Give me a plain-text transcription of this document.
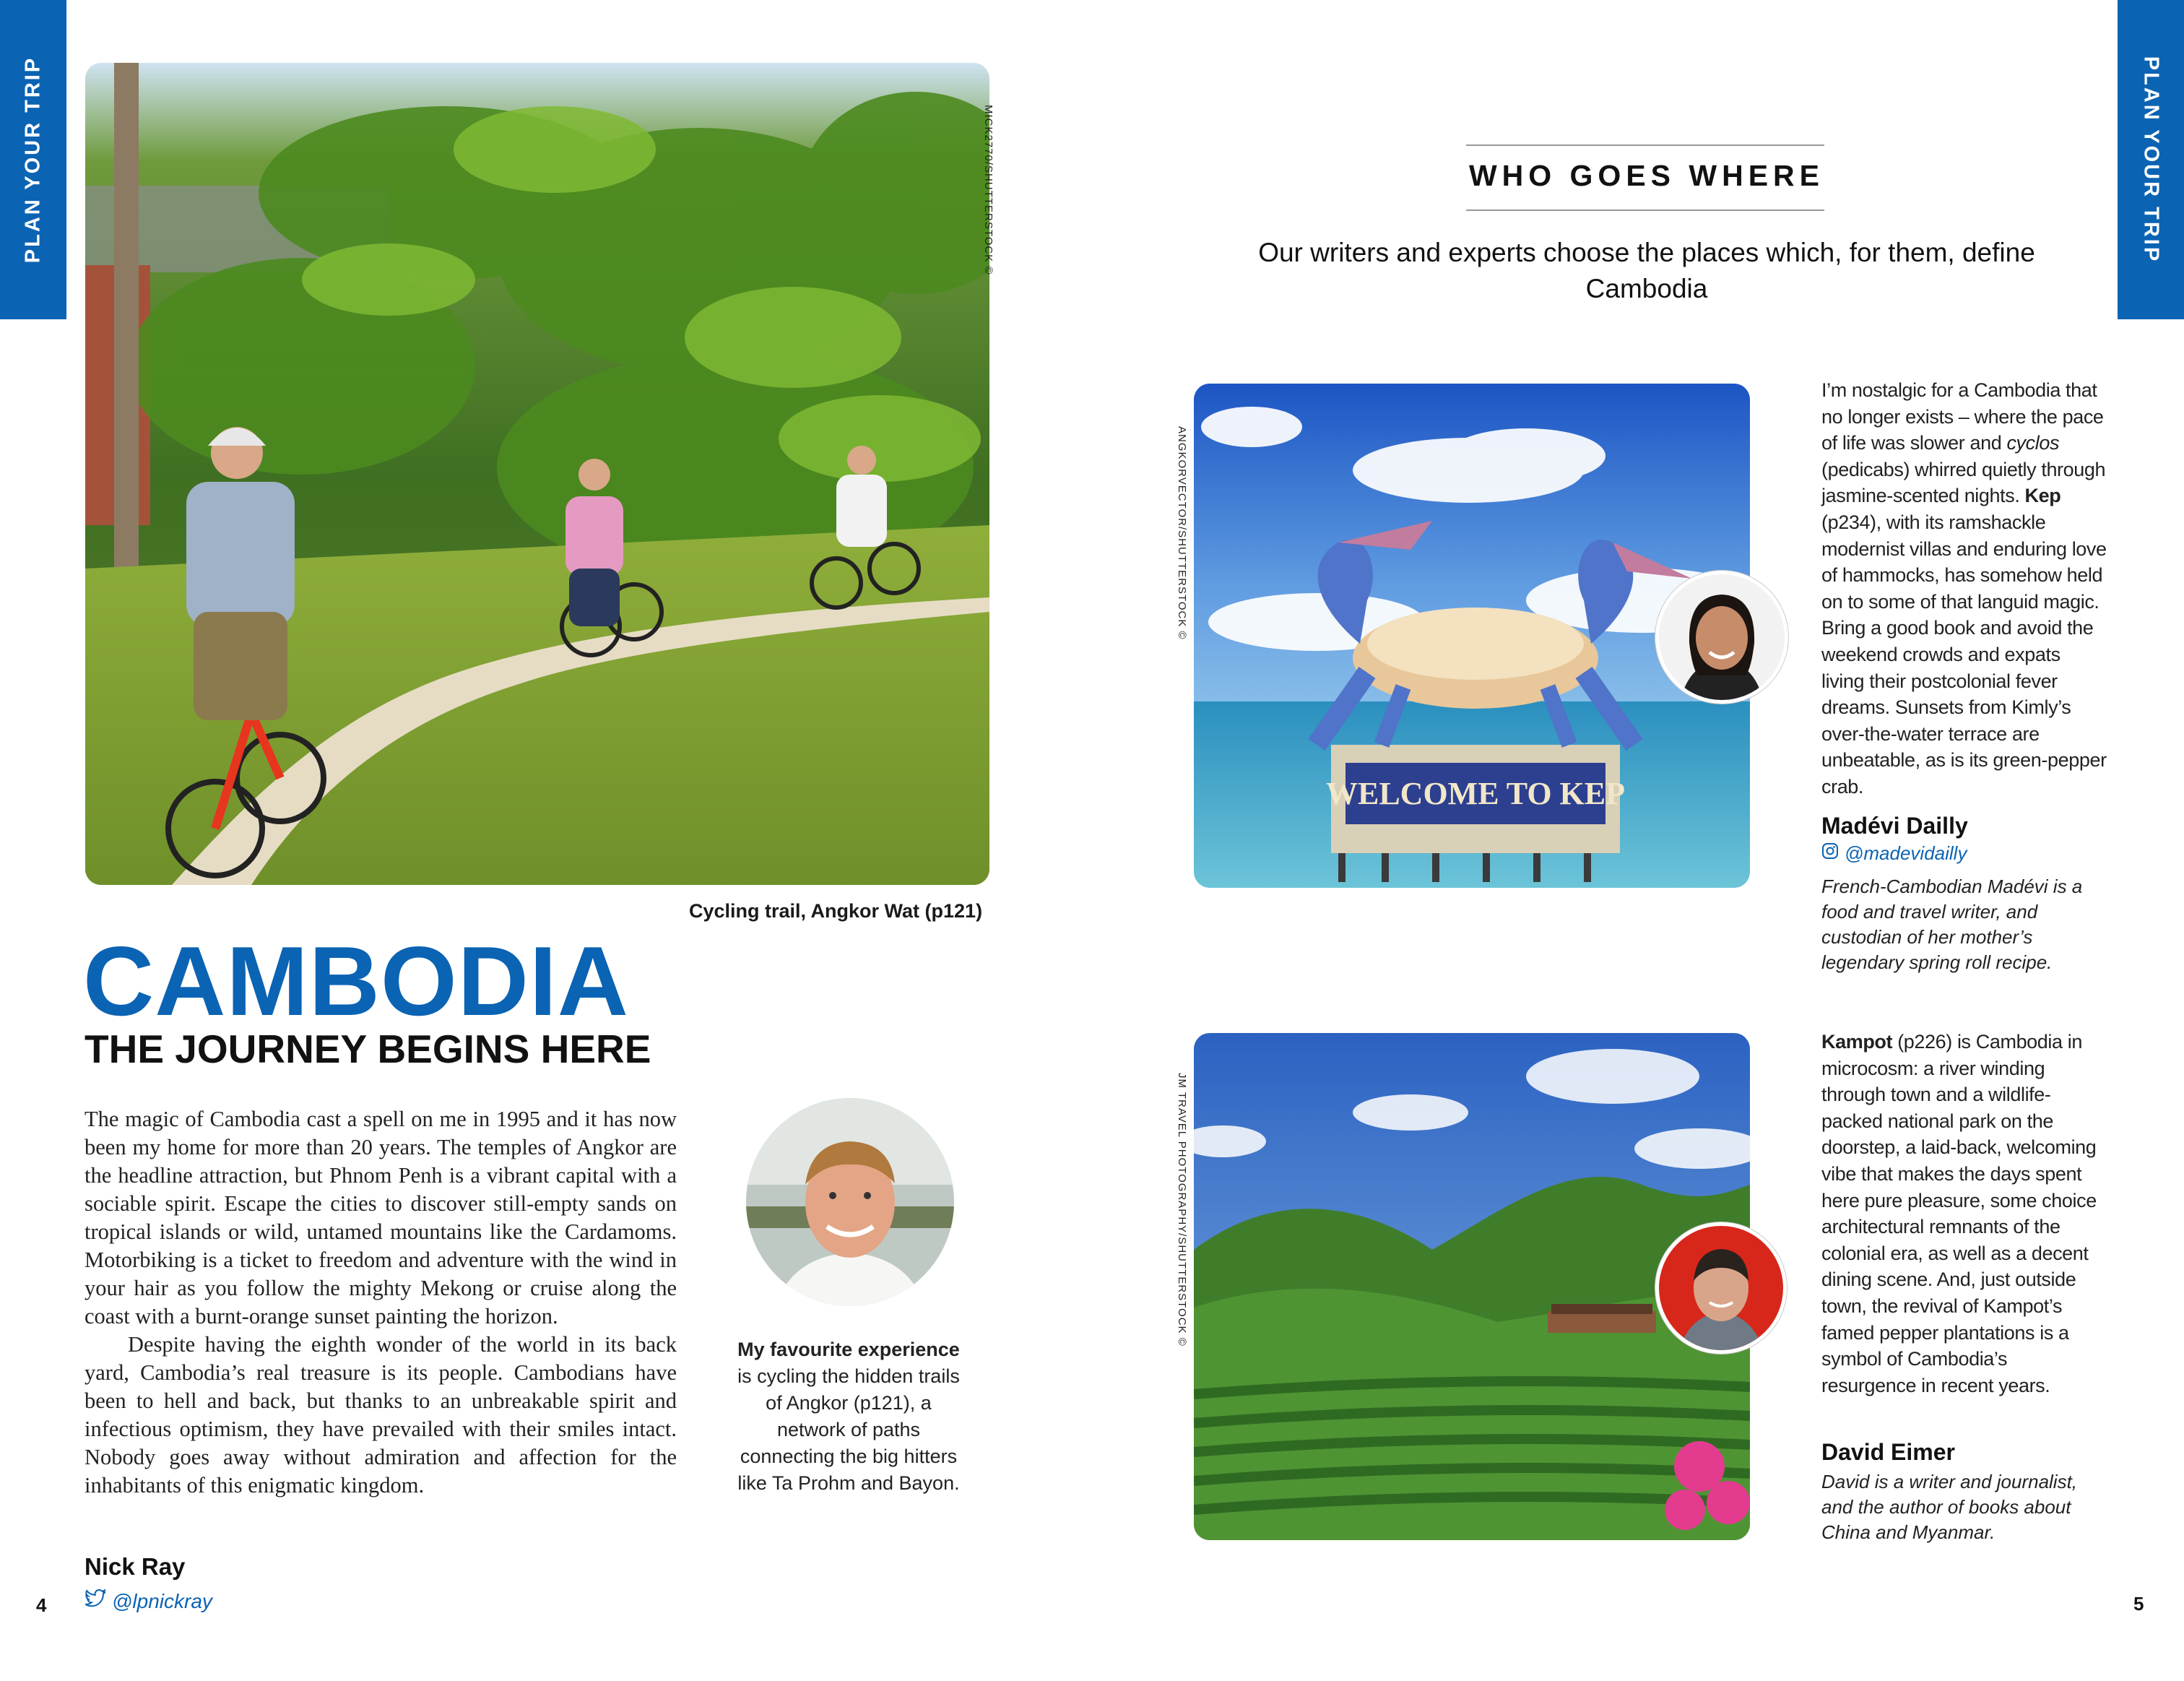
PLAN YOUR TRIP	PLAN YOUR TRIP
MICK2770/SHUTTERSTOCK ©
Cycling trail, Angkor Wat (p121)
CAMBODIA
THE JOURNEY BEGINS HERE

The magic of Cambodia cast a spell on me in 1995 and it has now been my home for more than 20 years. The temples of Angkor are the headline attraction, but Phnom Penh is a vibrant capital with a sociable spirit. Escape the cities to discover still-empty sands on tropical islands or wild, untamed mountains like the Cardamoms. Motorbiking is a ticket to freedom and adventure with the wind in your hair as you follow the mighty Mekong or cruise along the coast with a burnt-orange sunset painting the horizon.

Despite having the eighth wonder of the world in its back yard, Cambodia’s real treasure is its people. Cambodians have been to hell and back, but thanks to an unbreakable spirit and infectious optimism, they have prevailed with their smiles intact. Nobody goes away without admiration and affection for the inhabitants of this enigmatic kingdom.

Nick Ray
@lpnickray
My favourite experience is cycling the hidden trails of Angkor (p121), a network of paths connecting the big hitters like Ta Prohm and Bayon.
4
WHO GOES WHERE

Our writers and experts choose the places which, for them, define Cambodia

ANGKORVECTOR/SHUTTERSTOCK ©
WELCOME TO KEP
I’m nostalgic for a Cambodia that no longer exists – where the pace of life was slower and cyclos (pedicabs) whirred quietly through jasmine-scented nights. Kep (p234), with its ramshackle modernist villas and enduring love of hammocks, has somehow held on to some of that languid magic. Bring a good book and avoid the weekend crowds and expats living their postcolonial fever dreams. Sunsets from Kimly’s over-the-water terrace are unbeatable, as is its green-pepper crab.
Madévi Dailly
@madevidailly
French-Cambodian Madévi is a food and travel writer, and custodian of her mother’s legendary spring roll recipe.
JM TRAVEL PHOTOGRAPHY/SHUTTERSTOCK ©
Kampot (p226) is Cambodia in microcosm: a river winding through town and a wildlife-packed national park on the doorstep, a laid-back, welcoming vibe that makes the days spent here pure pleasure, some choice architectural remnants of the colonial era, as well as a decent dining scene. And, just outside town, the revival of Kampot’s famed pepper plantations is a symbol of Cambodia’s resurgence in recent years.
David Eimer
David is a writer and journalist, and the author of books about China and Myanmar.
5
